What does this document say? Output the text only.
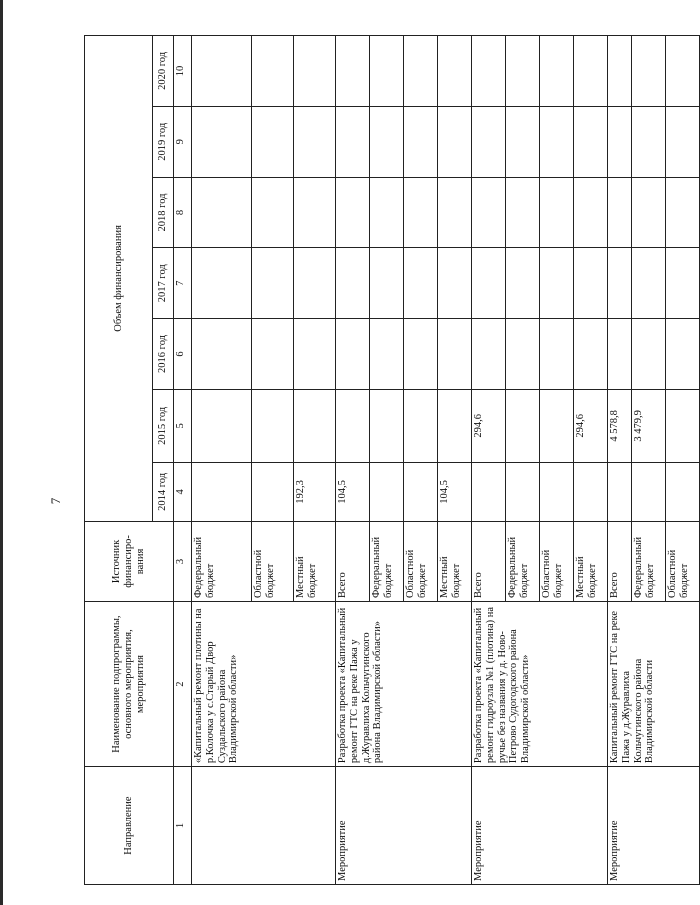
7
Направление	Наименование подпрограммы, основного мероприятия, мероприятия	Источник финансиро-вания	Объем финансирования						
			2014 год	2015 год	2016 год	2017 год	2018 год	2019 год	2020 год
1	2	3	4	5	6	7	8	9	10
	«Капитальный ремонт плотины на р.Колочка у с.Старый Двор Суздальского района Владимирской области»	Федеральный бюджет							
		Областной бюджет							
		Местный бюджет	192,3						
Мероприятие	Разработка проекта «Капитальный ремонт ГТС на реке Пажа у д.Журавлиха Кольчугинского района Владимирской области»	Всего	104,5						
		Федеральный бюджет							
		Областной бюджет							
		Местный бюджет	104,5						
Мероприятие	Разработка проекта «Капитальный ремонт гидроузла №1 (плотина) на ручье без названия у д. Ново-Петрово Судогодского района Владимирской области»	Всего		294,6					
		Федеральный бюджет							
		Областной бюджет							
		Местный бюджет		294,6					
Мероприятие	Капитальный ремонт ГТС на реке Пажа у д.Журавлиха Кольчугинского района Владимирской области	Всего		4 578,8					
		Федеральный бюджет		3 479,9					
		Областной бюджет							
